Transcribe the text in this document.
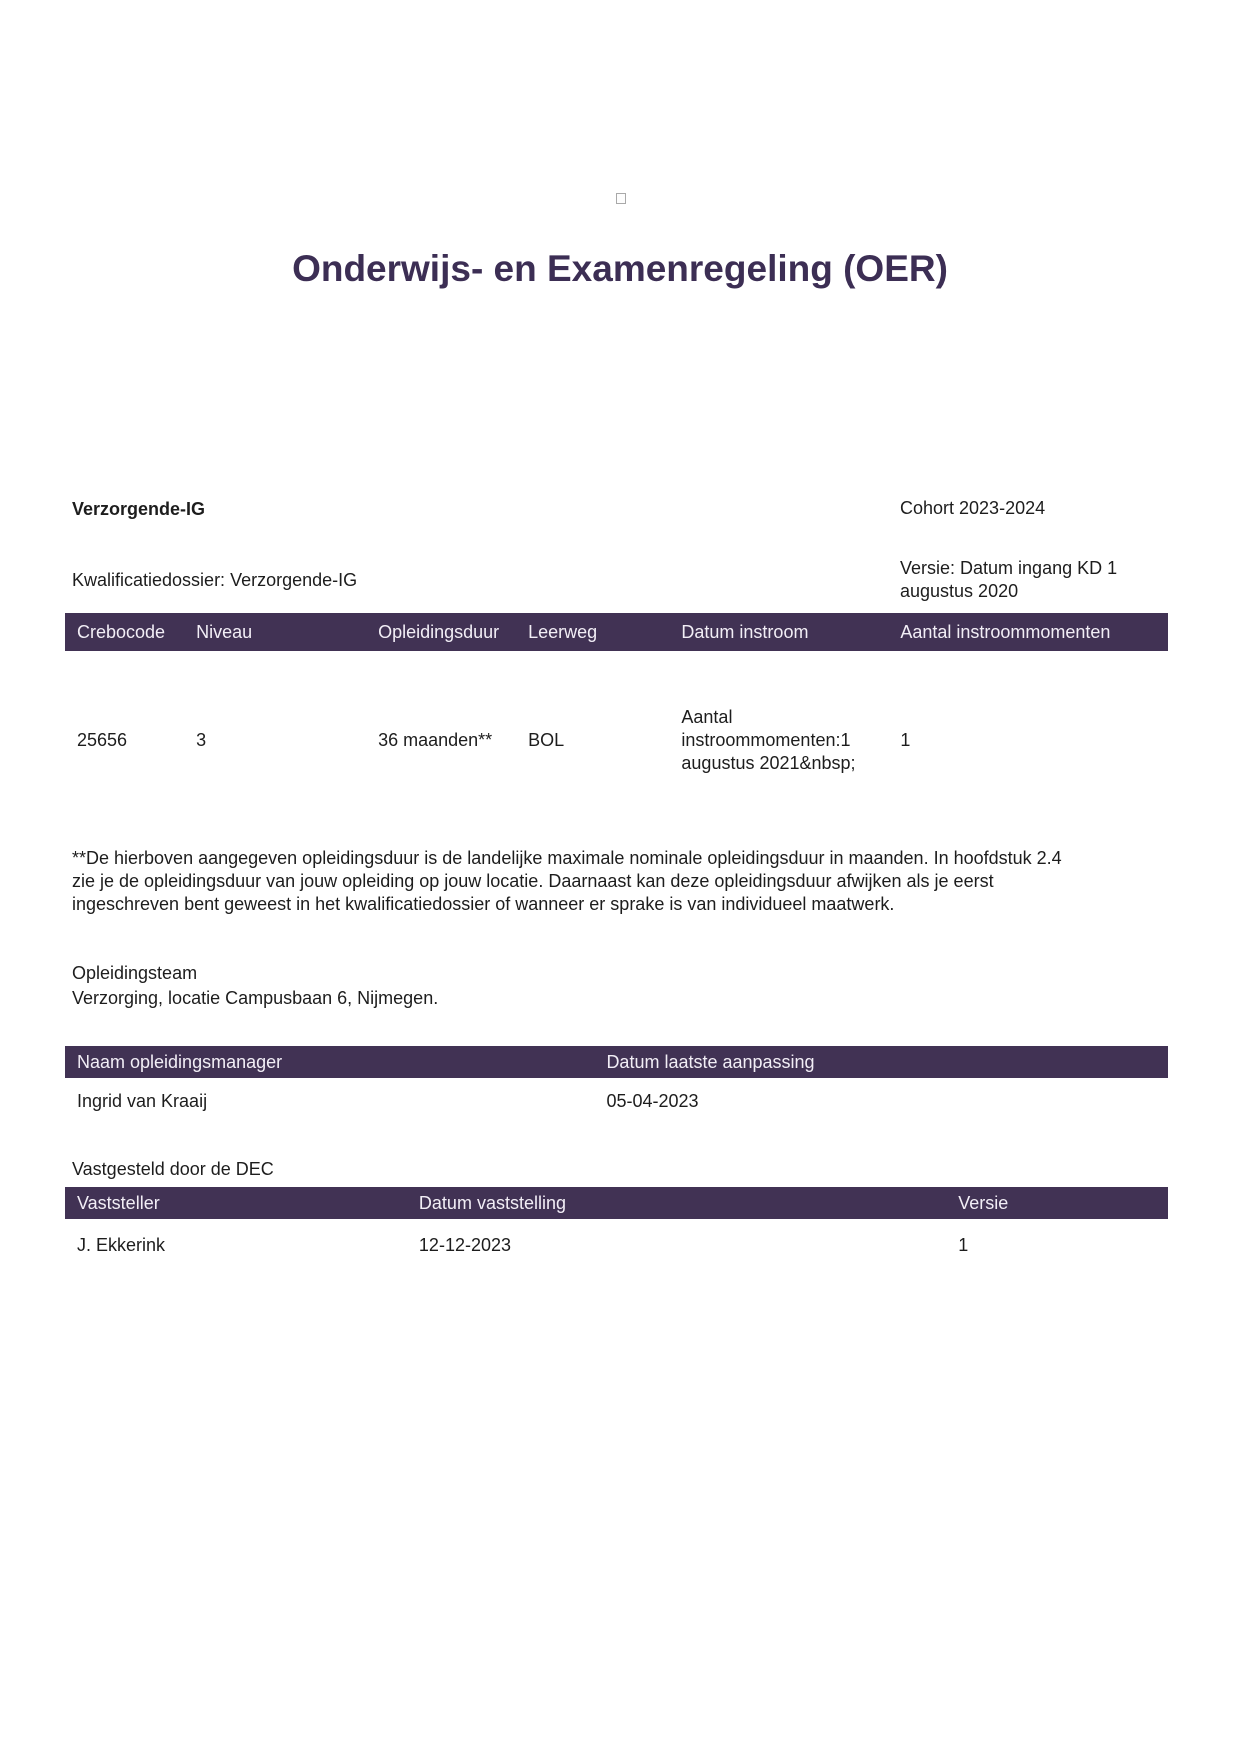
Onderwijs- en Examenregeling (OER)
Verzorgende-IG	Cohort 2023-2024
Kwalificatiedossier: Verzorgende-IG
Versie: Datum ingang KD 1 augustus 2020
Crebocode	Niveau	Opleidingsduur	Leerweg	Datum instroom	Aantal instroommomenten
25656	3	36 maanden**	BOL	Aantal instroommomenten:1 augustus 2021&nbsp;	1

**De hierboven aangegeven opleidingsduur is de landelijke maximale nominale opleidingsduur in maanden. In hoofdstuk 2.4 zie je de opleidingsduur van jouw opleiding op jouw locatie. Daarnaast kan deze opleidingsduur afwijken als je eerst ingeschreven bent geweest in het kwalificatiedossier of wanneer er sprake is van individueel maatwerk.

Opleidingsteam
Verzorging, locatie Campusbaan 6, Nijmegen.
Naam opleidingsmanager	Datum laatste aanpassing
Ingrid van Kraaij	05-04-2023
Vastgesteld door de DEC
Vaststeller	Datum vaststelling	Versie
J. Ekkerink	12-12-2023	1
